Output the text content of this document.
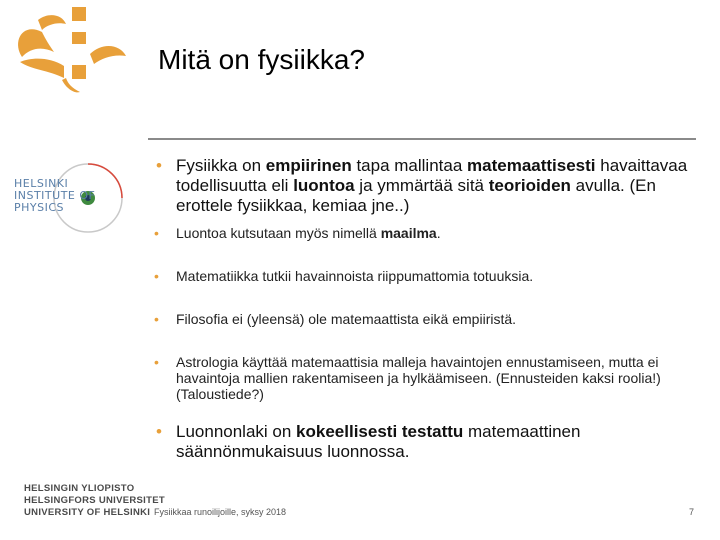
Mitä on fysiikka?
HELSINKI
INSTITUTE OF
PHYSICS

• Fysiikka on empiirinen tapa mallintaa matemaattisesti havaittavaa todellisuutta eli luontoa ja ymmärtää sitä teorioiden avulla. (En erottele fysiikkaa, kemiaa jne..)

• Luontoa kutsutaan myös nimellä maailma.
• Matematiikka tutkii havainnoista riippumattomia totuuksia.
• Filosofia ei (yleensä) ole matemaattista eikä empiiristä.
• Astrologia käyttää matemaattisia malleja havaintojen ennustamiseen, mutta ei havaintoja mallien rakentamiseen ja hylkäämiseen. (Ennusteiden kaksi roolia!) (Taloustiede?)

• Luonnonlaki on kokeellisesti testattu matemaattinen säännönmukaisuus luonnossa.

HELSINGIN YLIOPISTO
HELSINGFORS UNIVERSITET
UNIVERSITY OF HELSINKI Fysiikkaa runoilijoille, syksy 2018	7
